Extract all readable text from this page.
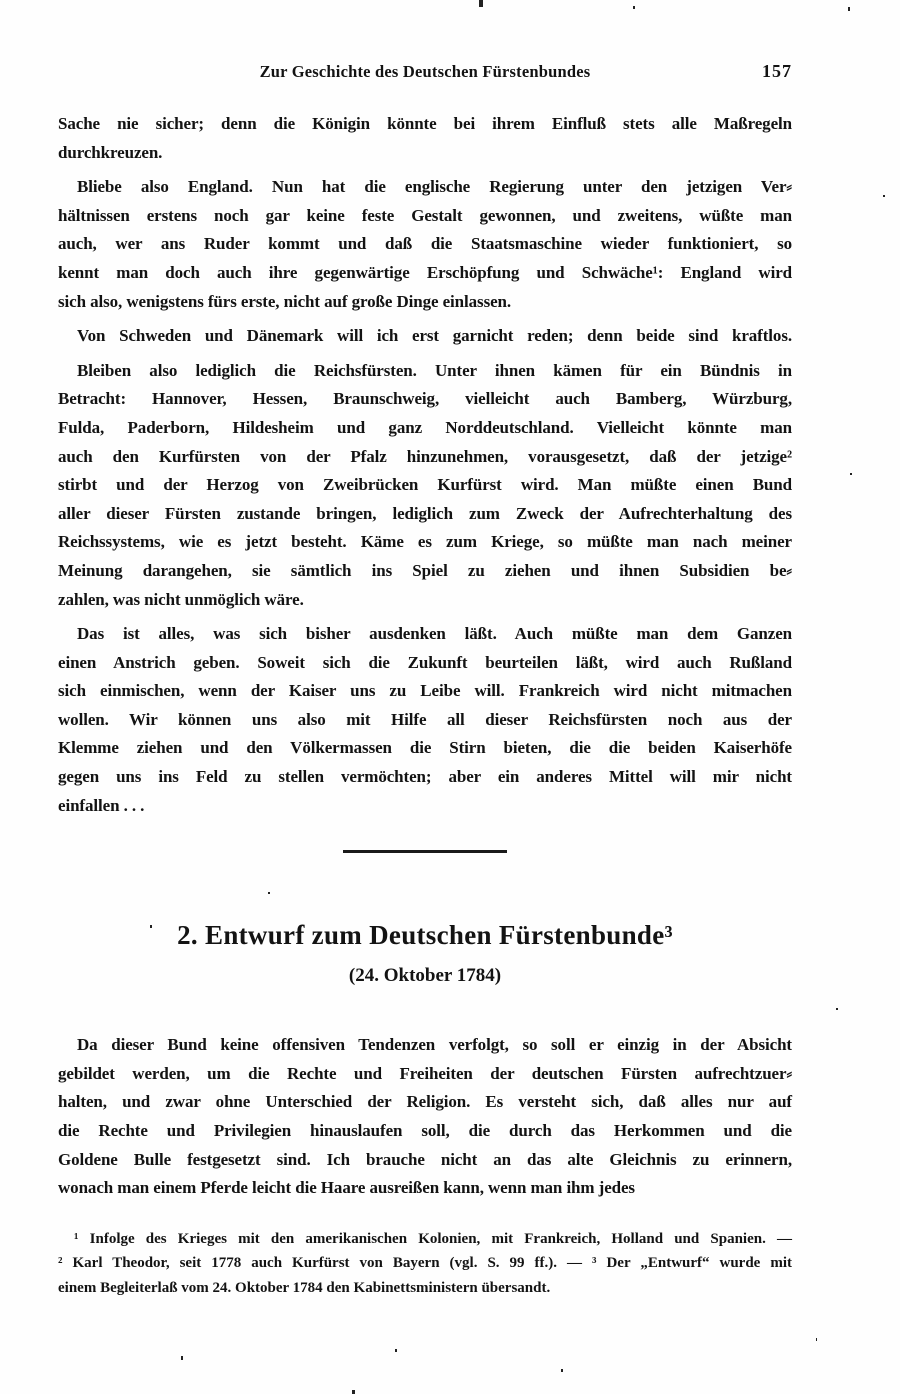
Zur Geschichte des Deutschen Fürstenbundes	157
Sache nie sicher; denn die Königin könnte bei ihrem Einfluß stets alle Maßregeln
durchkreuzen.
Bliebe also England. Nun hat die englische Regierung unter den jetzigen Ver⸗
hältnissen erstens noch gar keine feste Gestalt gewonnen, und zweitens, wüßte man
auch, wer ans Ruder kommt und daß die Staatsmaschine wieder funktioniert, so
kennt man doch auch ihre gegenwärtige Erschöpfung und Schwäche¹: England wird
sich also, wenigstens fürs erste, nicht auf große Dinge einlassen.
Von Schweden und Dänemark will ich erst garnicht reden; denn beide sind kraftlos.
Bleiben also lediglich die Reichsfürsten. Unter ihnen kämen für ein Bündnis in
Betracht: Hannover, Hessen, Braunschweig, vielleicht auch Bamberg, Würzburg,
Fulda, Paderborn, Hildesheim und ganz Norddeutschland. Vielleicht könnte man
auch den Kurfürsten von der Pfalz hinzunehmen, vorausgesetzt, daß der jetzige²
stirbt und der Herzog von Zweibrücken Kurfürst wird. Man müßte einen Bund
aller dieser Fürsten zustande bringen, lediglich zum Zweck der Aufrechterhaltung des
Reichssystems, wie es jetzt besteht. Käme es zum Kriege, so müßte man nach meiner
Meinung darangehen, sie sämtlich ins Spiel zu ziehen und ihnen Subsidien be⸗
zahlen, was nicht unmöglich wäre.
Das ist alles, was sich bisher ausdenken läßt. Auch müßte man dem Ganzen
einen Anstrich geben. Soweit sich die Zukunft beurteilen läßt, wird auch Rußland
sich einmischen, wenn der Kaiser uns zu Leibe will. Frankreich wird nicht mitmachen
wollen. Wir können uns also mit Hilfe all dieser Reichsfürsten noch aus der
Klemme ziehen und den Völkermassen die Stirn bieten, die die beiden Kaiserhöfe
gegen uns ins Feld zu stellen vermöchten; aber ein anderes Mittel will mir nicht
einfallen . . .
2. Entwurf zum Deutschen Fürstenbunde³
(24. Oktober 1784)
Da dieser Bund keine offensiven Tendenzen verfolgt, so soll er einzig in der Absicht
gebildet werden, um die Rechte und Freiheiten der deutschen Fürsten aufrechtzuer⸗
halten, und zwar ohne Unterschied der Religion. Es versteht sich, daß alles nur auf
die Rechte und Privilegien hinauslaufen soll, die durch das Herkommen und die
Goldene Bulle festgesetzt sind. Ich brauche nicht an das alte Gleichnis zu erinnern,
wonach man einem Pferde leicht die Haare ausreißen kann, wenn man ihm jedes
¹ Infolge des Krieges mit den amerikanischen Kolonien, mit Frankreich, Holland und Spanien. —
² Karl Theodor, seit 1778 auch Kurfürst von Bayern (vgl. S. 99 ff.). — ³ Der „Entwurf“ wurde mit
einem Begleiterlaß vom 24. Oktober 1784 den Kabinettsministern übersandt.
